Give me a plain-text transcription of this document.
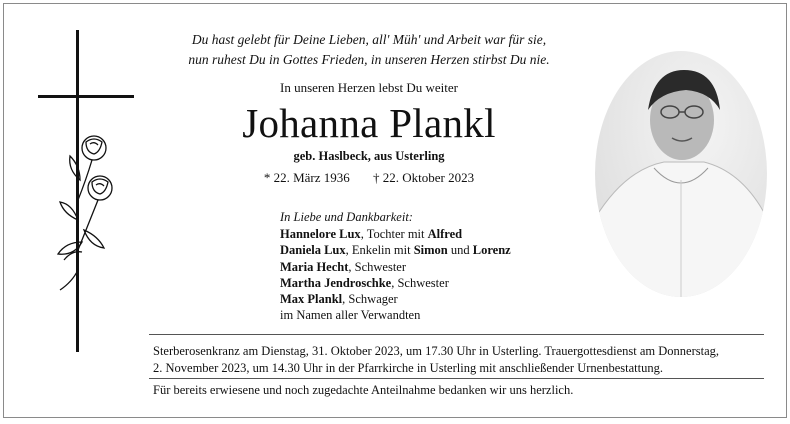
Du hast gelebt für Deine Lieben, all' Müh' und Arbeit war für sie,
nun ruhest Du in Gottes Frieden, in unseren Herzen stirbst Du nie.
In unseren Herzen lebst Du weiter
Johanna Plankl
geb. Haslbeck, aus Usterling
* 22. März 1936 † 22. Oktober 2023
In Liebe und Dankbarkeit:
Hannelore Lux, Tochter mit Alfred
Daniela Lux, Enkelin mit Simon und Lorenz
Maria Hecht, Schwester
Martha Jendroschke, Schwester
Max Plankl, Schwager
im Namen aller Verwandten
Sterberosenkranz am Dienstag, 31. Oktober 2023, um 17.30 Uhr in Usterling. Trauergottesdienst am Donnerstag,
2. November 2023, um 14.30 Uhr in der Pfarrkirche in Usterling mit anschließender Urnenbestattung.
Für bereits erwiesene und noch zugedachte Anteilnahme bedanken wir uns herzlich.
